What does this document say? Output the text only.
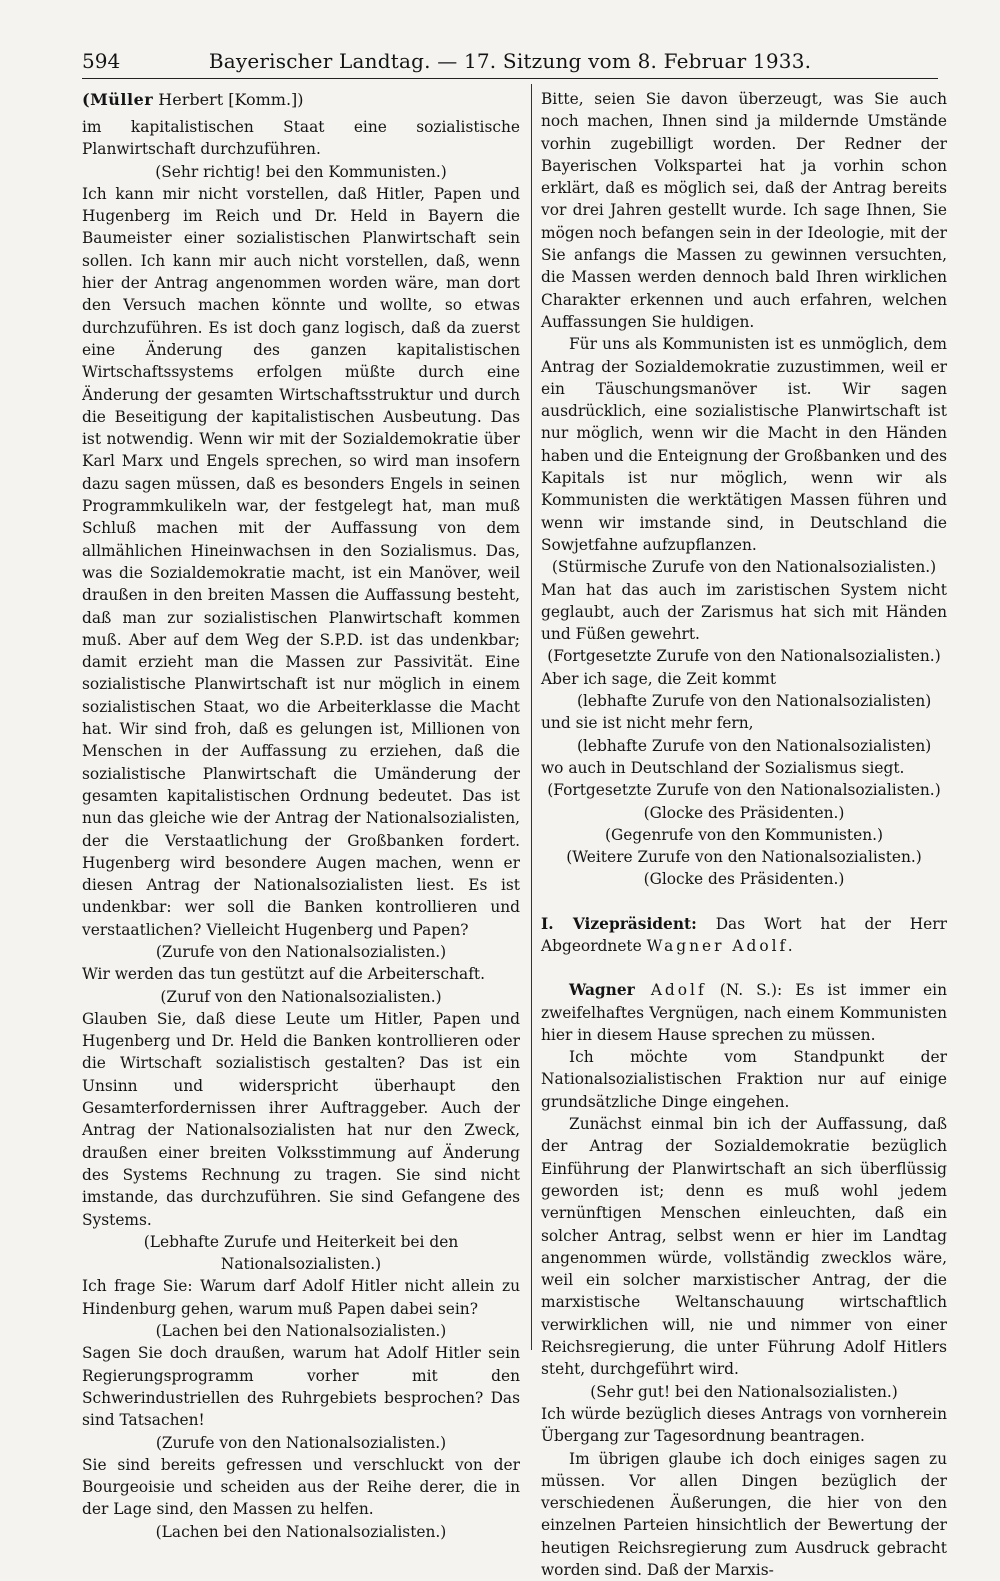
594	Bayerischer Landtag. — 17. Sitzung vom 8. Februar 1933.

(Müller Herbert [Komm.])

im kapitalistischen Staat eine sozialistische Planwirtschaft durchzuführen.

(Sehr richtig! bei den Kommunisten.)

Ich kann mir nicht vorstellen, daß Hitler, Papen und Hugenberg im Reich und Dr. Held in Bayern die Baumeister einer sozialistischen Planwirtschaft sein sollen. Ich kann mir auch nicht vorstellen, daß, wenn hier der Antrag angenommen worden wäre, man dort den Versuch machen könnte und wollte, so etwas durchzuführen. Es ist doch ganz logisch, daß da zuerst eine Änderung des ganzen kapitalistischen Wirtschaftssystems erfolgen müßte durch eine Änderung der gesamten Wirtschaftsstruktur und durch die Beseitigung der kapitalistischen Ausbeutung. Das ist notwendig. Wenn wir mit der Sozialdemokratie über Karl Marx und Engels sprechen, so wird man insofern dazu sagen müssen, daß es besonders Engels in seinen Programmkulikeln war, der festgelegt hat, man muß Schluß machen mit der Auffassung von dem allmählichen Hineinwachsen in den Sozialismus. Das, was die Sozialdemokratie macht, ist ein Manöver, weil draußen in den breiten Massen die Auffassung besteht, daß man zur sozialistischen Planwirtschaft kommen muß. Aber auf dem Weg der S.P.D. ist das undenkbar; damit erzieht man die Massen zur Passivität. Eine sozialistische Planwirtschaft ist nur möglich in einem sozialistischen Staat, wo die Arbeiterklasse die Macht hat. Wir sind froh, daß es gelungen ist, Millionen von Menschen in der Auffassung zu erziehen, daß die sozialistische Planwirtschaft die Umänderung der gesamten kapitalistischen Ordnung bedeutet. Das ist nun das gleiche wie der Antrag der Nationalsozialisten, der die Verstaatlichung der Großbanken fordert. Hugenberg wird besondere Augen machen, wenn er diesen Antrag der Nationalsozialisten liest. Es ist undenkbar: wer soll die Banken kontrollieren und verstaatlichen? Vielleicht Hugenberg und Papen?

(Zurufe von den Nationalsozialisten.)

Wir werden das tun gestützt auf die Arbeiterschaft.

(Zuruf von den Nationalsozialisten.)

Glauben Sie, daß diese Leute um Hitler, Papen und Hugenberg und Dr. Held die Banken kontrollieren oder die Wirtschaft sozialistisch gestalten? Das ist ein Unsinn und widerspricht überhaupt den Gesamterfordernissen ihrer Auftraggeber. Auch der Antrag der Nationalsozialisten hat nur den Zweck, draußen einer breiten Volksstimmung auf Änderung des Systems Rechnung zu tragen. Sie sind nicht imstande, das durchzuführen. Sie sind Gefangene des Systems.

(Lebhafte Zurufe und Heiterkeit bei den Nationalsozialisten.)

Ich frage Sie: Warum darf Adolf Hitler nicht allein zu Hindenburg gehen, warum muß Papen dabei sein?

(Lachen bei den Nationalsozialisten.)

Sagen Sie doch draußen, warum hat Adolf Hitler sein Regierungsprogramm vorher mit den Schwerindustriellen des Ruhrgebiets besprochen? Das sind Tatsachen!

(Zurufe von den Nationalsozialisten.)

Sie sind bereits gefressen und verschluckt von der Bourgeoisie und scheiden aus der Reihe derer, die in der Lage sind, den Massen zu helfen.

(Lachen bei den Nationalsozialisten.)

Bitte, seien Sie davon überzeugt, was Sie auch noch machen, Ihnen sind ja mildernde Umstände vorhin zugebilligt worden. Der Redner der Bayerischen Volkspartei hat ja vorhin schon erklärt, daß es möglich sei, daß der Antrag bereits vor drei Jahren gestellt wurde. Ich sage Ihnen, Sie mögen noch befangen sein in der Ideologie, mit der Sie anfangs die Massen zu gewinnen versuchten, die Massen werden dennoch bald Ihren wirklichen Charakter erkennen und auch erfahren, welchen Auffassungen Sie huldigen.

Für uns als Kommunisten ist es unmöglich, dem Antrag der Sozialdemokratie zuzustimmen, weil er ein Täuschungsmanöver ist. Wir sagen ausdrücklich, eine sozialistische Planwirtschaft ist nur möglich, wenn wir die Macht in den Händen haben und die Enteignung der Großbanken und des Kapitals ist nur möglich, wenn wir als Kommunisten die werktätigen Massen führen und wenn wir imstande sind, in Deutschland die Sowjetfahne aufzupflanzen.

(Stürmische Zurufe von den Nationalsozialisten.)

Man hat das auch im zaristischen System nicht geglaubt, auch der Zarismus hat sich mit Händen und Füßen gewehrt.

(Fortgesetzte Zurufe von den Nationalsozialisten.)

Aber ich sage, die Zeit kommt

(lebhafte Zurufe von den Nationalsozialisten)

und sie ist nicht mehr fern,

(lebhafte Zurufe von den Nationalsozialisten)

wo auch in Deutschland der Sozialismus siegt.

(Fortgesetzte Zurufe von den Nationalsozialisten.)

(Glocke des Präsidenten.)

(Gegenrufe von den Kommunisten.)

(Weitere Zurufe von den Nationalsozialisten.)

(Glocke des Präsidenten.)

I. Vizepräsident: Das Wort hat der Herr Abgeordnete Wagner Adolf.

Wagner Adolf (N. S.): Es ist immer ein zweifelhaftes Vergnügen, nach einem Kommunisten hier in diesem Hause sprechen zu müssen.

Ich möchte vom Standpunkt der Nationalsozialistischen Fraktion nur auf einige grundsätzliche Dinge eingehen.

Zunächst einmal bin ich der Auffassung, daß der Antrag der Sozialdemokratie bezüglich Einführung der Planwirtschaft an sich überflüssig geworden ist; denn es muß wohl jedem vernünftigen Menschen einleuchten, daß ein solcher Antrag, selbst wenn er hier im Landtag angenommen würde, vollständig zwecklos wäre, weil ein solcher marxistischer Antrag, der die marxistische Weltanschauung wirtschaftlich verwirklichen will, nie und nimmer von einer Reichsregierung, die unter Führung Adolf Hitlers steht, durchgeführt wird.

(Sehr gut! bei den Nationalsozialisten.)

Ich würde bezüglich dieses Antrags von vornherein Übergang zur Tagesordnung beantragen.

Im übrigen glaube ich doch einiges sagen zu müssen. Vor allen Dingen bezüglich der verschiedenen Äußerungen, die hier von den einzelnen Parteien hinsichtlich der Bewertung der heutigen Reichsregierung zum Ausdruck gebracht worden sind. Daß der Marxis-
